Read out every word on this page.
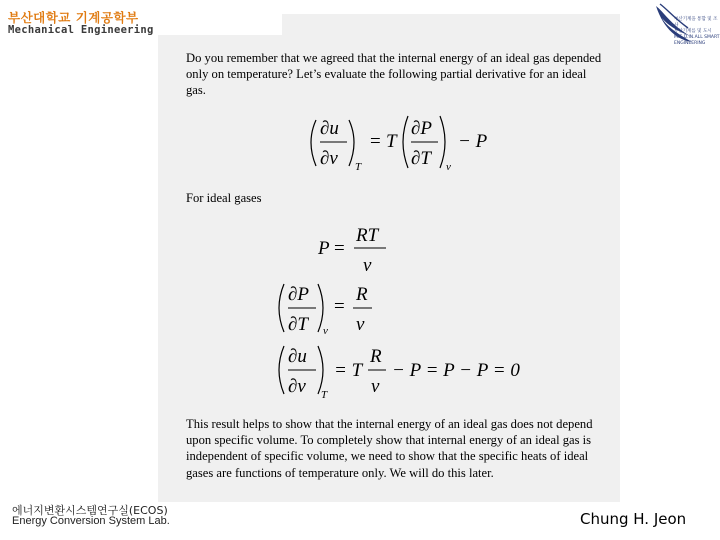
부산대학교 기계공학부
Mechanical Engineering
부산기계을 통합 및 조사
부산기계를 및 도시
M.E.D.IN.ALL SMART ENGINEERING
Do you remember that we agreed that the internal energy of an ideal gas depended only on temperature? Let’s evaluate the following partial derivative for an ideal gas.
For ideal gases
This result helps to show that the internal energy of an ideal gas does not depend upon specific volume. To completely show that internal energy of an ideal gas is independent of specific volume, we need to show that the specific heats of ideal gases are functions of temperature only. We will do this later.
∂u
∂v T
= T
∂P
∂T v
− P
P =
RT
v
∂P
∂T v
=
R
v
∂u
∂v T
= T
R
v
− P = P − P = 0
에너지변환시스템연구실(ECOS)
Energy Conversion System Lab.	Chung H. Jeon
